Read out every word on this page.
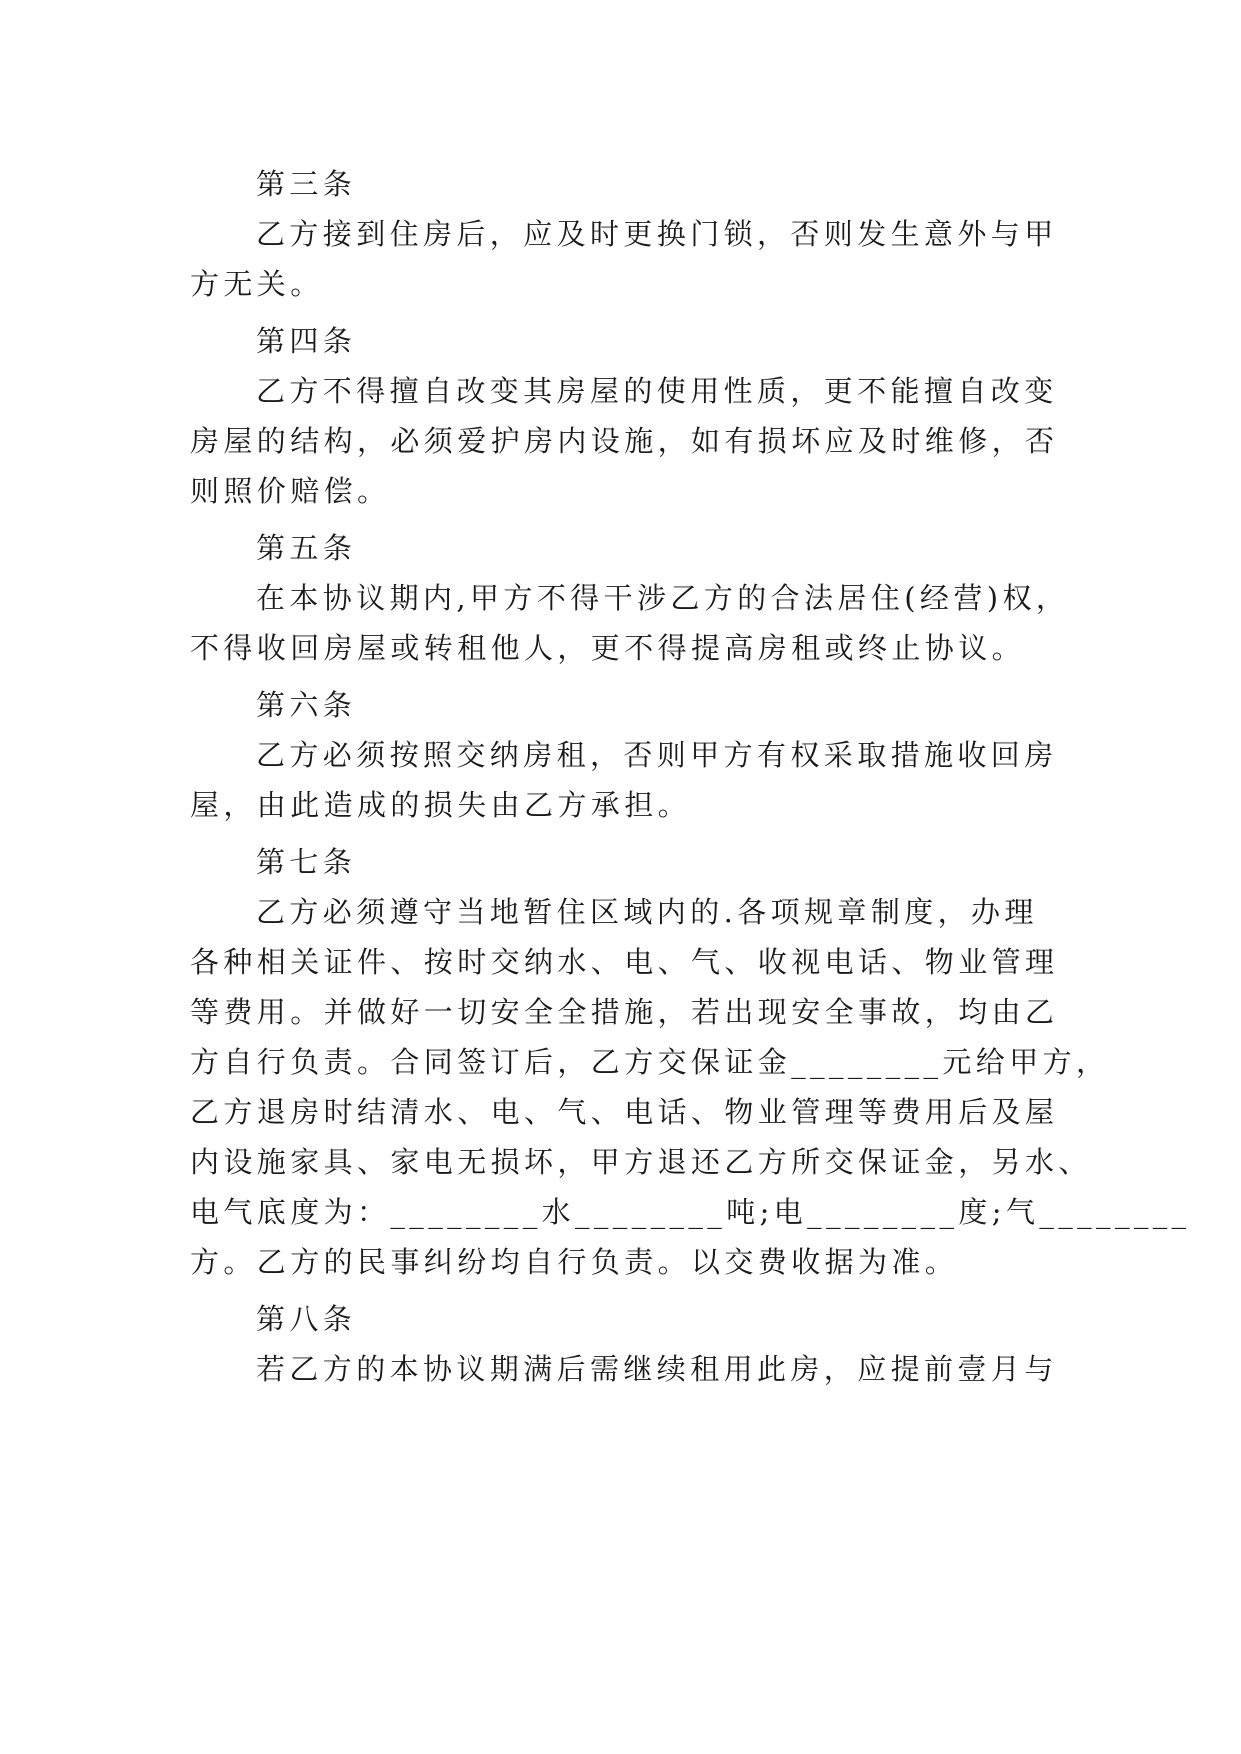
第三条
乙方接到住房后，应及时更换门锁，否则发生意外与甲
方无关。
第四条
乙方不得擅自改变其房屋的使用性质，更不能擅自改变
房屋的结构，必须爱护房内设施，如有损坏应及时维修，否
则照价赔偿。
第五条
在本协议期内,甲方不得干涉乙方的合法居住(经营)权，
不得收回房屋或转租他人，更不得提高房租或终止协议。
第六条
乙方必须按照交纳房租，否则甲方有权采取措施收回房
屋，由此造成的损失由乙方承担。
第七条
乙方必须遵守当地暂住区域内的.各项规章制度，办理
各种相关证件、按时交纳水、电、气、收视电话、物业管理
等费用。并做好一切安全全措施，若出现安全事故，均由乙
方自行负责。合同签订后，乙方交保证金________元给甲方，
乙方退房时结清水、电、气、电话、物业管理等费用后及屋
内设施家具、家电无损坏，甲方退还乙方所交保证金，另水、
电气底度为：________水________吨;电________度;气________
方。乙方的民事纠纷均自行负责。以交费收据为准。
第八条
若乙方的本协议期满后需继续租用此房，应提前壹月与
